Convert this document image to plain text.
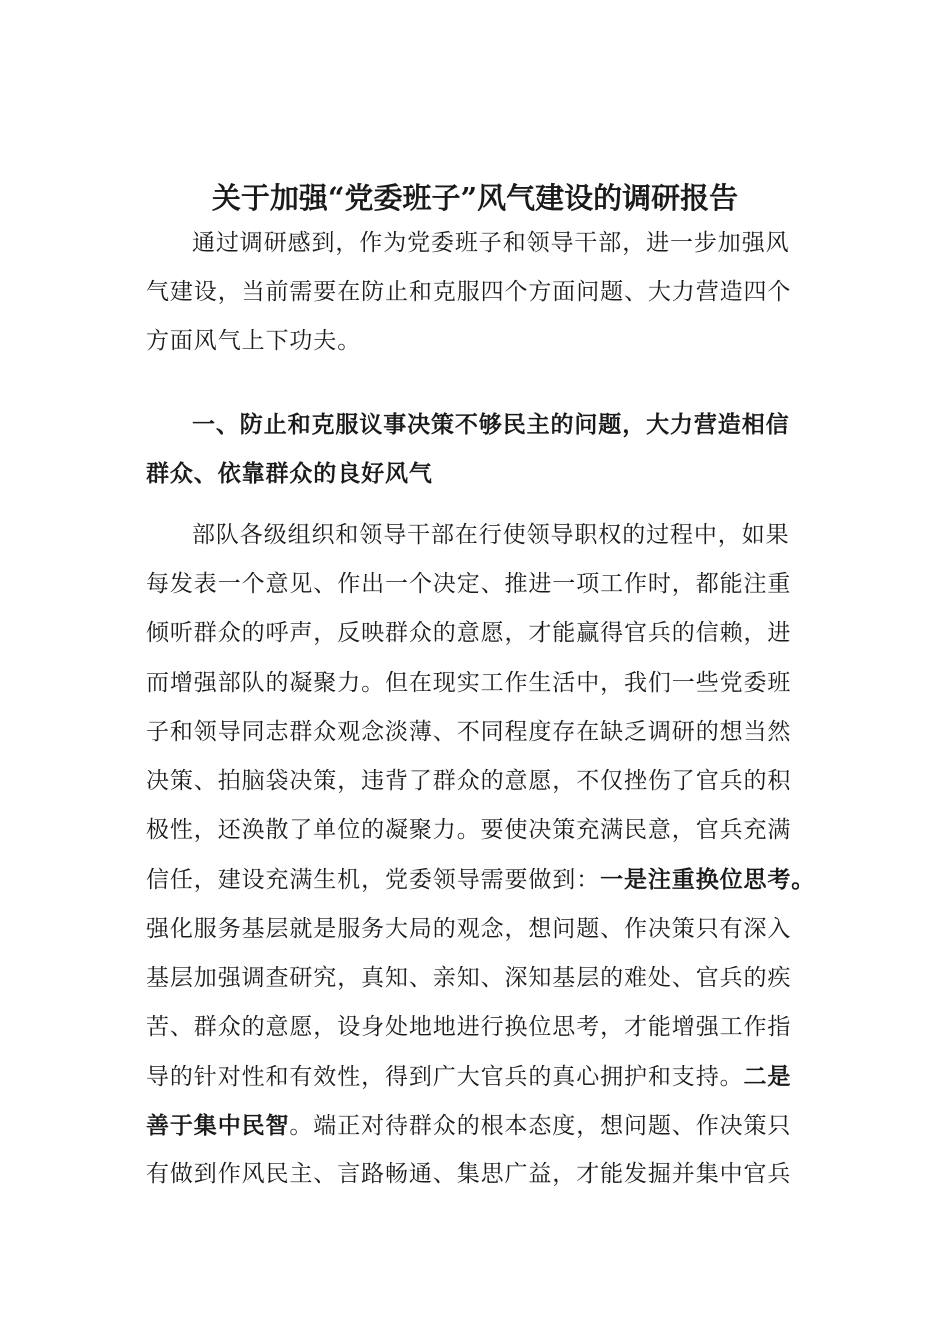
关于加强“党委班子”风气建设的调研报告

通过调研感到，作为党委班子和领导干部，进一步加强风
气建设，当前需要在防止和克服四个方面问题、大力营造四个
方面风气上下功夫。

一、防止和克服议事决策不够民主的问题，大力营造相信
群众、依靠群众的良好风气

部队各级组织和领导干部在行使领导职权的过程中，如果
每发表一个意见、作出一个决定、推进一项工作时，都能注重
倾听群众的呼声，反映群众的意愿，才能赢得官兵的信赖，进
而增强部队的凝聚力。但在现实工作生活中，我们一些党委班
子和领导同志群众观念淡薄、不同程度存在缺乏调研的想当然
决策、拍脑袋决策，违背了群众的意愿，不仅挫伤了官兵的积
极性，还涣散了单位的凝聚力。要使决策充满民意，官兵充满
信任，建设充满生机，党委领导需要做到：一是注重换位思考。
强化服务基层就是服务大局的观念，想问题、作决策只有深入
基层加强调查研究，真知、亲知、深知基层的难处、官兵的疾
苦、群众的意愿，设身处地地进行换位思考，才能增强工作指
导的针对性和有效性，得到广大官兵的真心拥护和支持。二是
善于集中民智。端正对待群众的根本态度，想问题、作决策只
有做到作风民主、言路畅通、集思广益，才能发掘并集中官兵
